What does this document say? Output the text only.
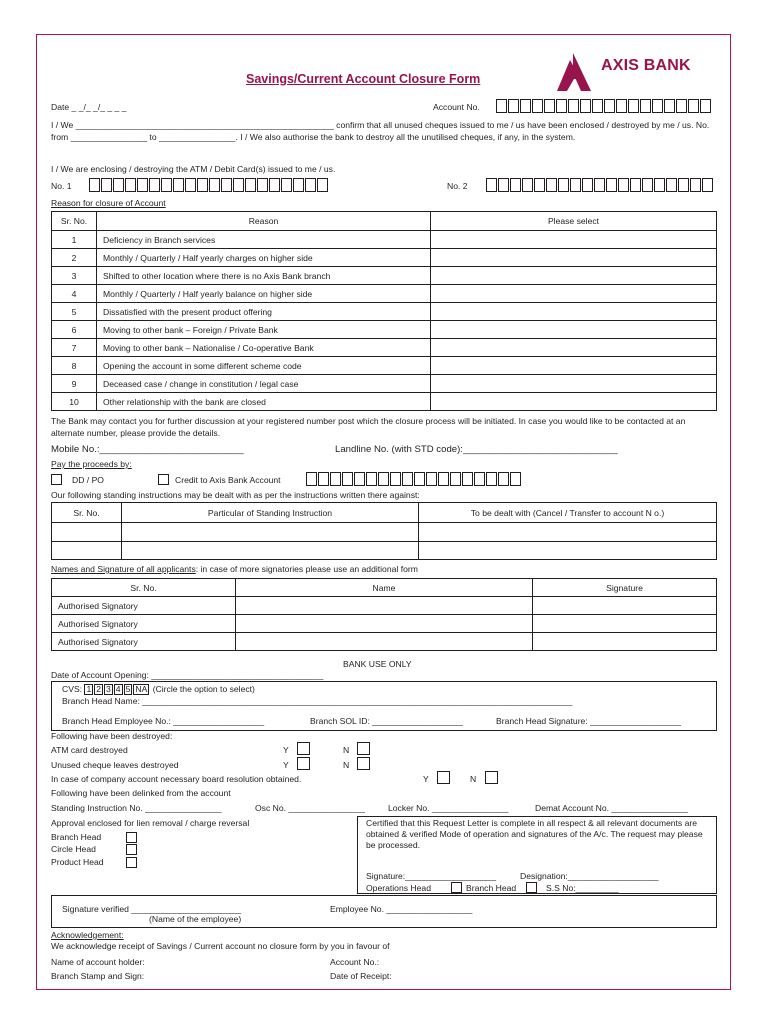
Savings/Current Account Closure Form
AXIS BANK
Date _ _/_ _/_ _ _ _	Account No.
I / We ______________________________________________________ confirm that all unused cheques issued to me / us have been enclosed / destroyed by me / us. No. from ________________ to ________________. I / We also authorise the bank to destroy all the unutilised cheques, if any, in the system.
I / We are enclosing / destroying the ATM / Debit Card(s) issued to me / us.
No. 1	No. 2
Reason for closure of Account
Sr. No.	Reason	Please select
1	Deficiency in Branch services	
2	Monthly / Quarterly / Half yearly charges on higher side	
3	Shifted to other location where there is no Axis Bank branch	
4	Monthly / Quarterly / Half yearly balance on higher side	
5	Dissatisfied with the present product offering	
6	Moving to other bank – Foreign / Private Bank	
7	Moving to other bank – Nationalise / Co-operative Bank	
8	Opening the account in some different scheme code	
9	Deceased case / change in constitution / legal case	
10	Other relationship with the bank are closed	
The Bank may contact you for further discussion at your registered number post which the closure process will be initiated. In case you would like to be contacted at an alternate number, please provide the details.
Mobile No.:___________________________	Landline No. (with STD code):_____________________________
Pay the proceeds by:
DD / PO	Credit to Axis Bank Account
Our following standing instructions may be dealt with as per the instructions written there against:
Sr. No.	Particular of Standing Instruction	To be dealt with (Cancel / Transfer to account N o.)

Names and Signature of all applicants: in case of more signatories please use an additional form
Sr. No.	Name	Signature
Authorised Signatory		
Authorised Signatory		
Authorised Signatory		
BANK USE ONLY
Date of Account Opening: ____________________________________
CVS: 1 2 3 4 5 NA (Circle the option to select)
Branch Head Name: __________________________________________________________________________________________
Branch Head Employee No.: ___________________	Branch SOL ID: ___________________	Branch Head Signature: ___________________
Following have been destroyed:
ATM card destroyed	Y	N
Unused cheque leaves destroyed	Y	N
In case of company account necessary board resolution obtained.	Y	N
Following have been delinked from the account
Standing Instruction No. ________________	Osc No. ________________	Locker No. ________________	Demat Account No. ________________
Approval enclosed for lien removal / charge reversal
Branch Head
Circle Head
Product Head
Certified that this Request Letter is complete in all respect & all relevant documents are obtained & verified Mode of operation and signatures of the A/c. The request may please be processed.
Signature:___________________	Designation:___________________
Operations Head	Branch Head	S.S No:_________
Signature verified _______________________
(Name of the employee)
Employee No. __________________
Acknowledgement:
We acknowledge receipt of Savings / Current account no closure form by you in favour of
Name of account holder:	Account No.:
Branch Stamp and Sign:	Date of Receipt:
